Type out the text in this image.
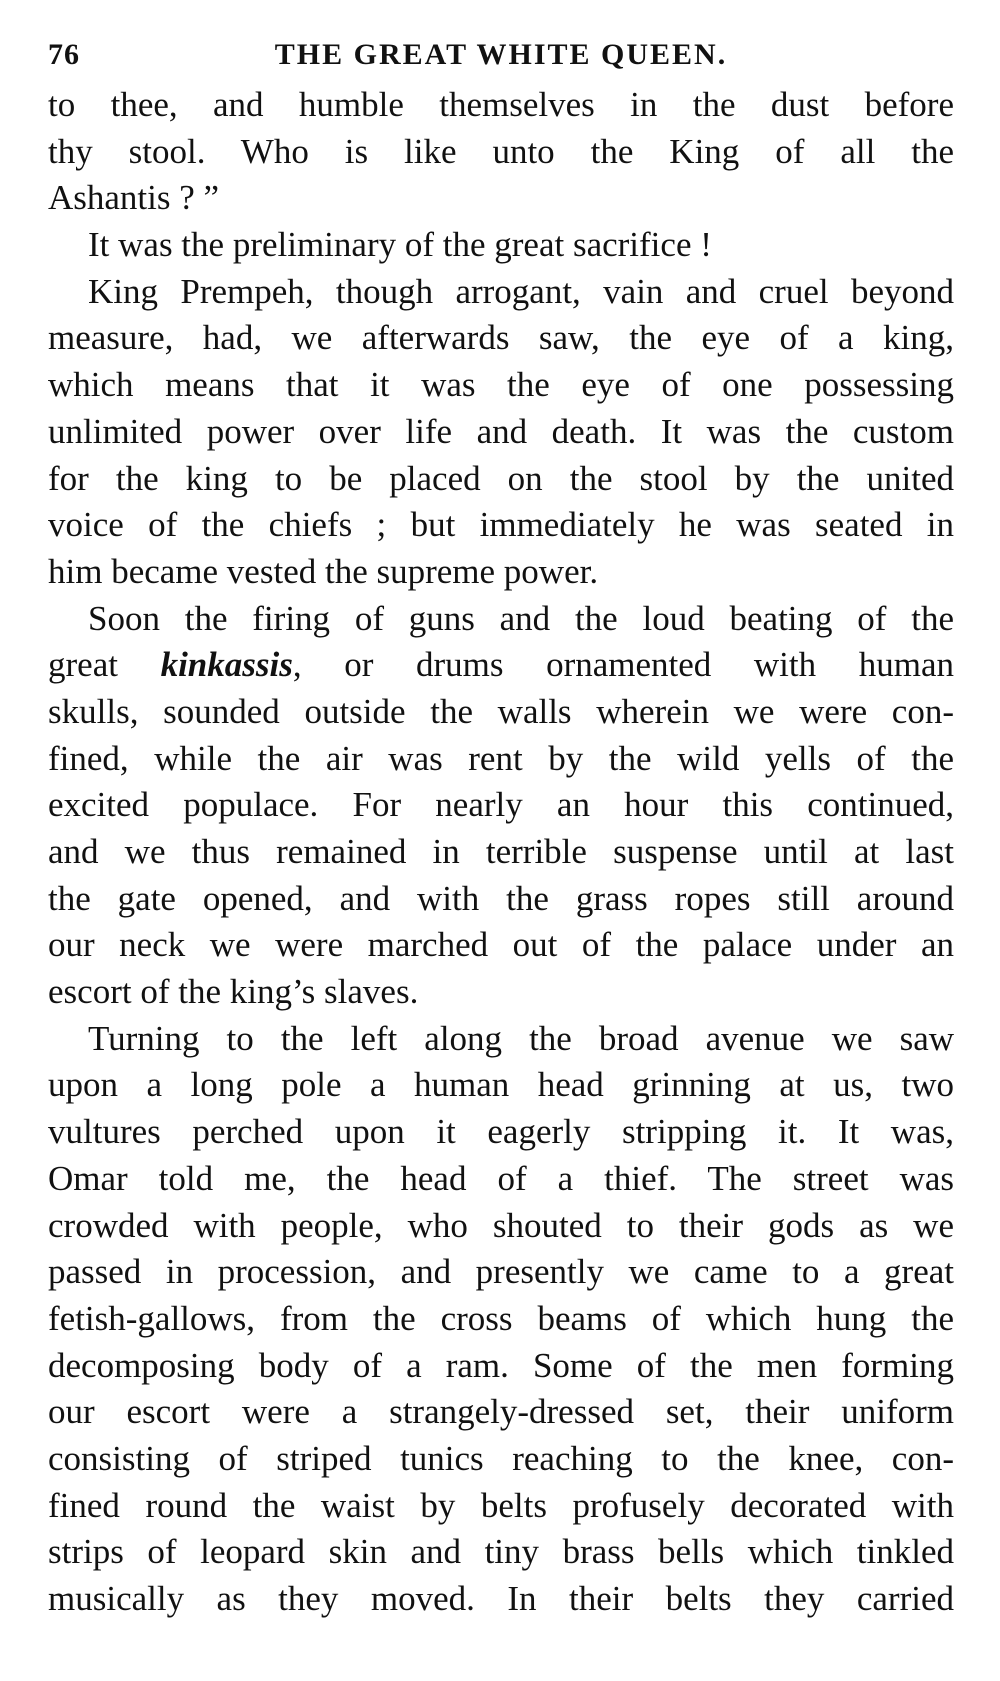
76	THE GREAT WHITE QUEEN.
to thee, and humble themselves in the dust before
thy stool. Who is like unto the King of all the
Ashantis ? ”
It was the preliminary of the great sacrifice !
King Prempeh, though arrogant, vain and cruel beyond
measure, had, we afterwards saw, the eye of a king,
which means that it was the eye of one possessing
unlimited power over life and death. It was the custom
for the king to be placed on the stool by the united
voice of the chiefs ; but immediately he was seated in
him became vested the supreme power.
Soon the firing of guns and the loud beating of the
great kinkassis, or drums ornamented with human
skulls, sounded outside the walls wherein we were con-
fined, while the air was rent by the wild yells of the
excited populace. For nearly an hour this continued,
and we thus remained in terrible suspense until at last
the gate opened, and with the grass ropes still around
our neck we were marched out of the palace under an
escort of the king’s slaves.
Turning to the left along the broad avenue we saw
upon a long pole a human head grinning at us, two
vultures perched upon it eagerly stripping it. It was,
Omar told me, the head of a thief. The street was
crowded with people, who shouted to their gods as we
passed in procession, and presently we came to a great
fetish-gallows, from the cross beams of which hung the
decomposing body of a ram. Some of the men forming
our escort were a strangely-dressed set, their uniform
consisting of striped tunics reaching to the knee, con-
fined round the waist by belts profusely decorated with
strips of leopard skin and tiny brass bells which tinkled
musically as they moved. In their belts they carried
